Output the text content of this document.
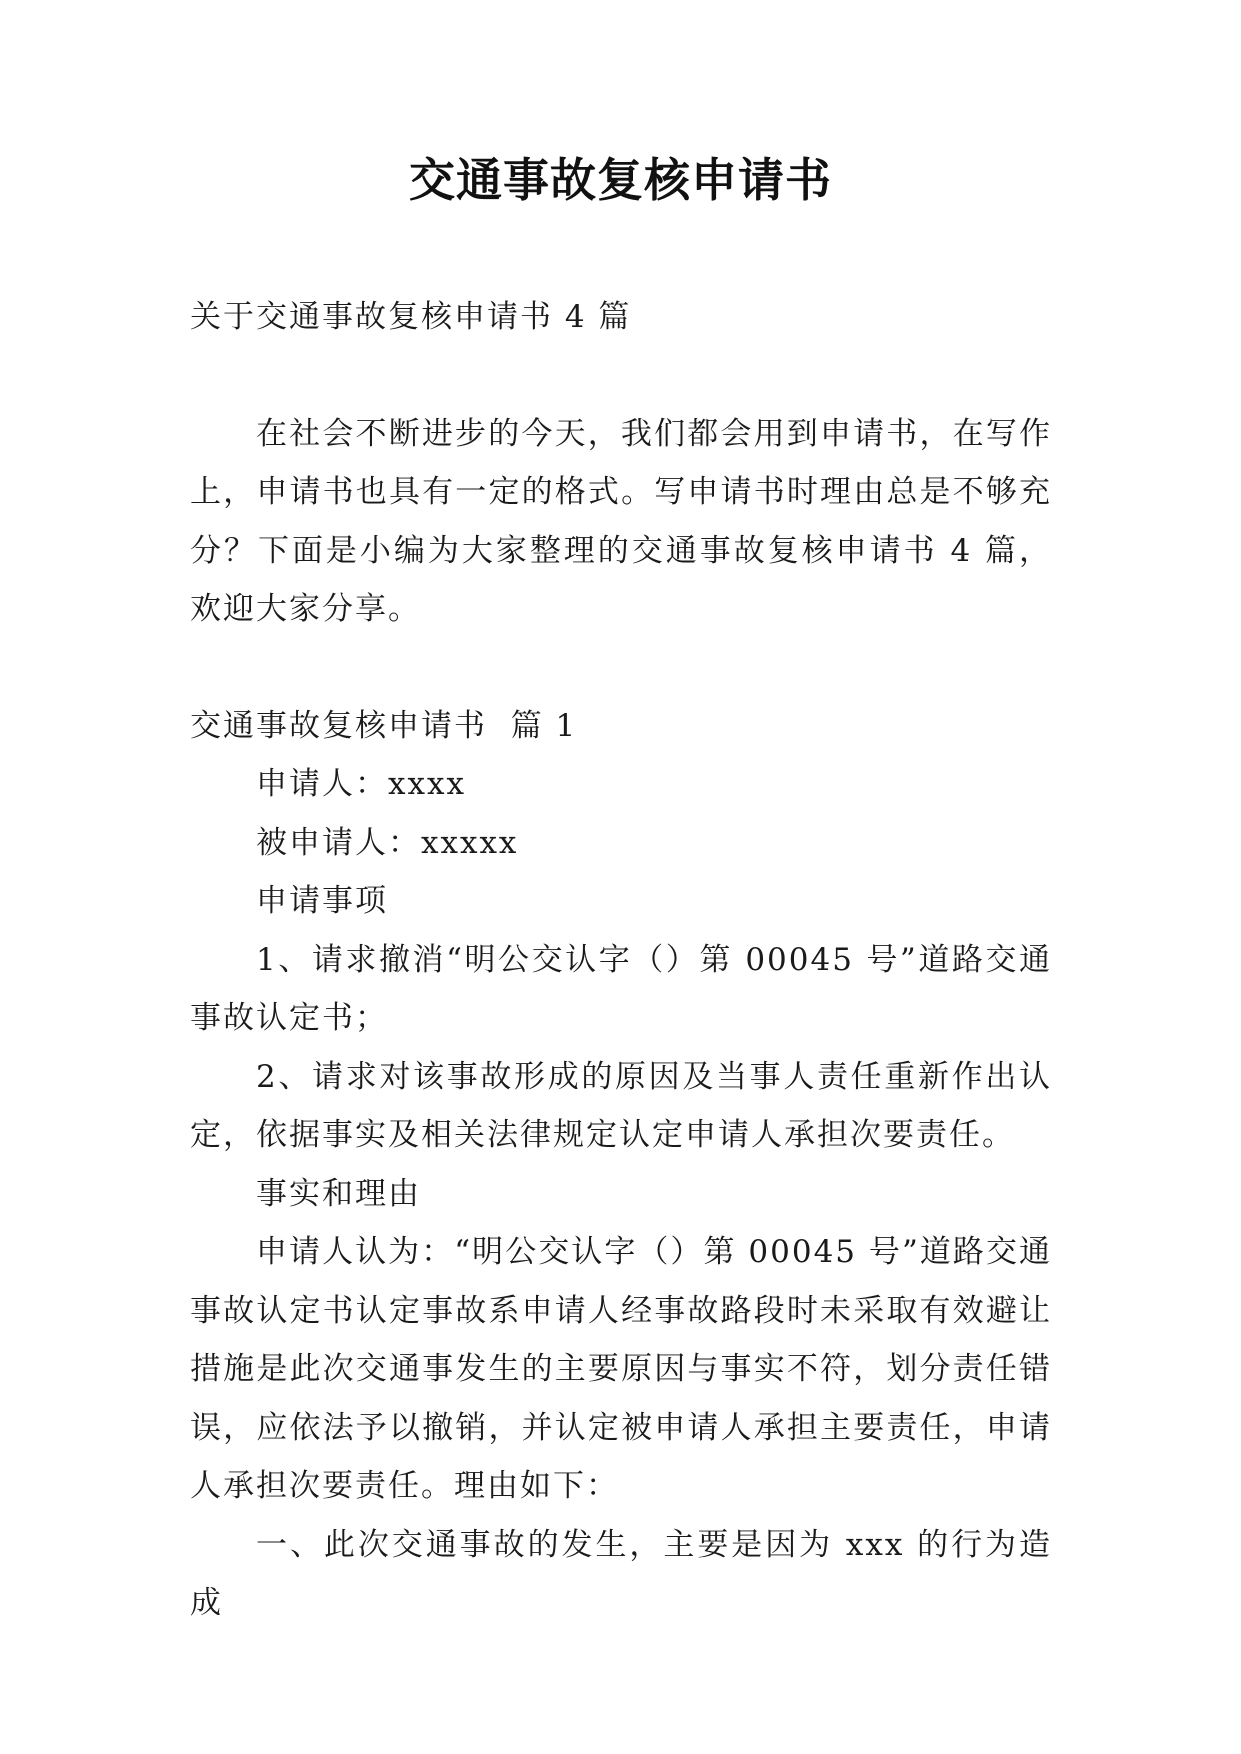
交通事故复核申请书

关于交通事故复核申请书 4 篇

在社会不断进步的今天，我们都会用到申请书，在写作上，申请书也具有一定的格式。写申请书时理由总是不够充分？下面是小编为大家整理的交通事故复核申请书 4 篇，欢迎大家分享。

交通事故复核申请书  篇 1

申请人：xxxx

被申请人：xxxxx

申请事项

1、请求撤消“明公交认字（）第 00045 号”道路交通事故认定书；

2、请求对该事故形成的原因及当事人责任重新作出认定，依据事实及相关法律规定认定申请人承担次要责任。

事实和理由

申请人认为：“明公交认字（）第 00045 号”道路交通事故认定书认定事故系申请人经事故路段时未采取有效避让措施是此次交通事发生的主要原因与事实不符，划分责任错误，应依法予以撤销，并认定被申请人承担主要责任，申请人承担次要责任。理由如下：

一、此次交通事故的发生，主要是因为 xxx 的行为造成
